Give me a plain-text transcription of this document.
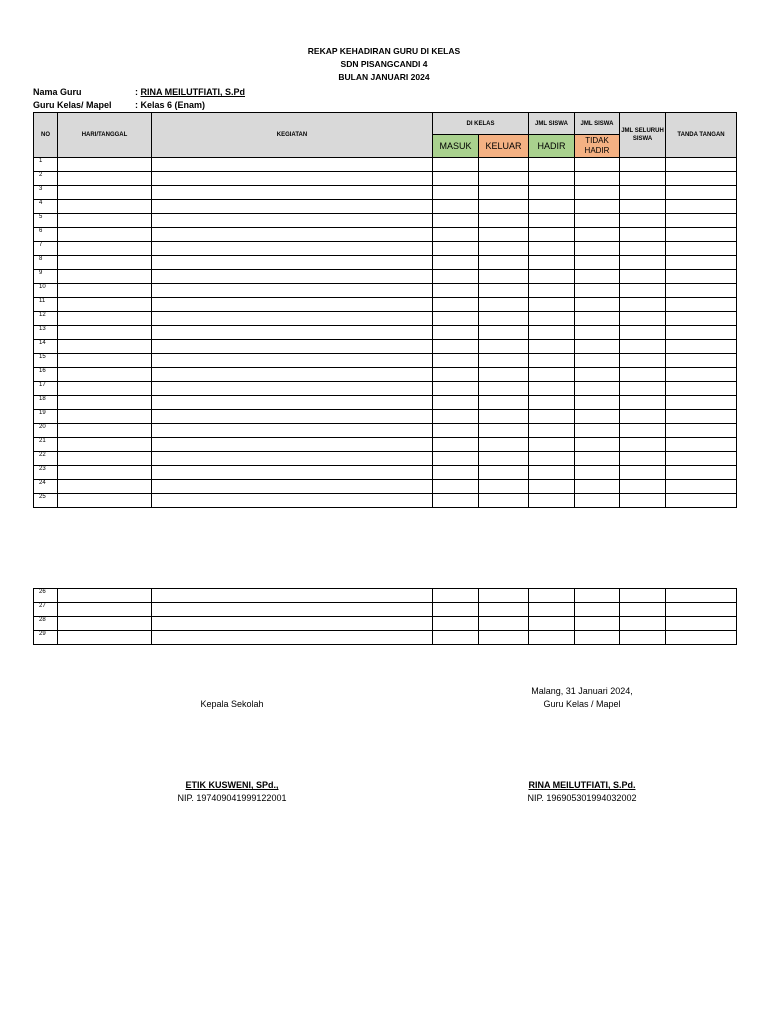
REKAP KEHADIRAN GURU DI KELAS
SDN PISANGCANDI 4
BULAN JANUARI 2024
Nama Guru	: RINA MEILUTFIATI, S.Pd
Guru Kelas/ Mapel	: Kelas 6 (Enam)
NO	HARI/TANGGAL	KEGIATAN	DI KELAS		JML SISWA	JML SISWA	JML SELURUH SISWA	TANDA TANGAN
			MASUK	KELUAR	HADIR	TIDAK HADIR		
1								
2								
3								
4								
5								
6								
7								
8								
9								
10								
11								
12								
13								
14								
15								
16								
17								
18								
19								
20								
21								
22								
23								
24								
25								
26								
27								
28								
29								
Malang, 31 Januari 2024,
Guru Kelas / Mapel
Kepala Sekolah
ETIK KUSWENI, SPd.,
NIP. 197409041999122001
RINA MEILUTFIATI, S.Pd.
NIP. 196905301994032002
